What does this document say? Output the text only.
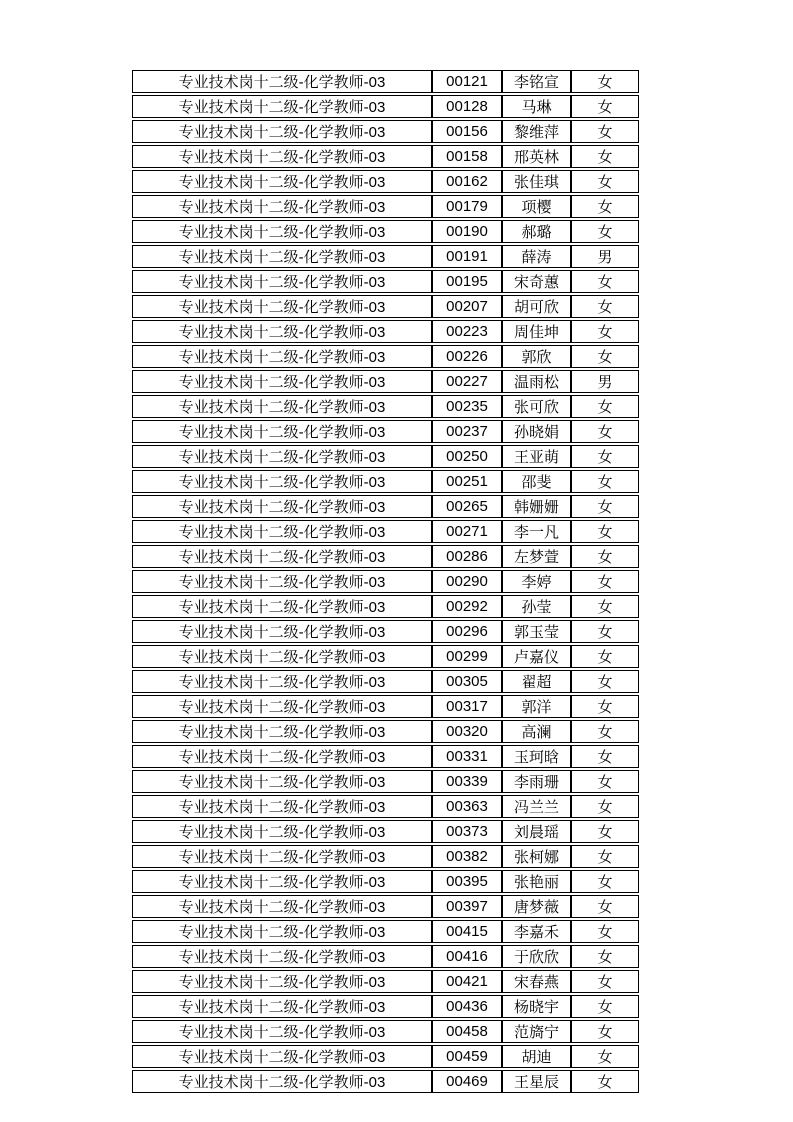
专业技术岗十二级-化学教师-03	00121	李铭宣	女
专业技术岗十二级-化学教师-03	00128	马琳	女
专业技术岗十二级-化学教师-03	00156	黎维萍	女
专业技术岗十二级-化学教师-03	00158	邢英林	女
专业技术岗十二级-化学教师-03	00162	张佳琪	女
专业技术岗十二级-化学教师-03	00179	项樱	女
专业技术岗十二级-化学教师-03	00190	郝璐	女
专业技术岗十二级-化学教师-03	00191	薛涛	男
专业技术岗十二级-化学教师-03	00195	宋奇蕙	女
专业技术岗十二级-化学教师-03	00207	胡可欣	女
专业技术岗十二级-化学教师-03	00223	周佳坤	女
专业技术岗十二级-化学教师-03	00226	郭欣	女
专业技术岗十二级-化学教师-03	00227	温雨松	男
专业技术岗十二级-化学教师-03	00235	张可欣	女
专业技术岗十二级-化学教师-03	00237	孙晓娟	女
专业技术岗十二级-化学教师-03	00250	王亚萌	女
专业技术岗十二级-化学教师-03	00251	邵斐	女
专业技术岗十二级-化学教师-03	00265	韩姗姗	女
专业技术岗十二级-化学教师-03	00271	李一凡	女
专业技术岗十二级-化学教师-03	00286	左梦萱	女
专业技术岗十二级-化学教师-03	00290	李婷	女
专业技术岗十二级-化学教师-03	00292	孙莹	女
专业技术岗十二级-化学教师-03	00296	郭玉莹	女
专业技术岗十二级-化学教师-03	00299	卢嘉仪	女
专业技术岗十二级-化学教师-03	00305	翟超	女
专业技术岗十二级-化学教师-03	00317	郭洋	女
专业技术岗十二级-化学教师-03	00320	高澜	女
专业技术岗十二级-化学教师-03	00331	玉珂晗	女
专业技术岗十二级-化学教师-03	00339	李雨珊	女
专业技术岗十二级-化学教师-03	00363	冯兰兰	女
专业技术岗十二级-化学教师-03	00373	刘晨瑶	女
专业技术岗十二级-化学教师-03	00382	张柯娜	女
专业技术岗十二级-化学教师-03	00395	张艳丽	女
专业技术岗十二级-化学教师-03	00397	唐梦薇	女
专业技术岗十二级-化学教师-03	00415	李嘉禾	女
专业技术岗十二级-化学教师-03	00416	于欣欣	女
专业技术岗十二级-化学教师-03	00421	宋春燕	女
专业技术岗十二级-化学教师-03	00436	杨晓宇	女
专业技术岗十二级-化学教师-03	00458	范旖宁	女
专业技术岗十二级-化学教师-03	00459	胡迪	女
专业技术岗十二级-化学教师-03	00469	王星辰	女
